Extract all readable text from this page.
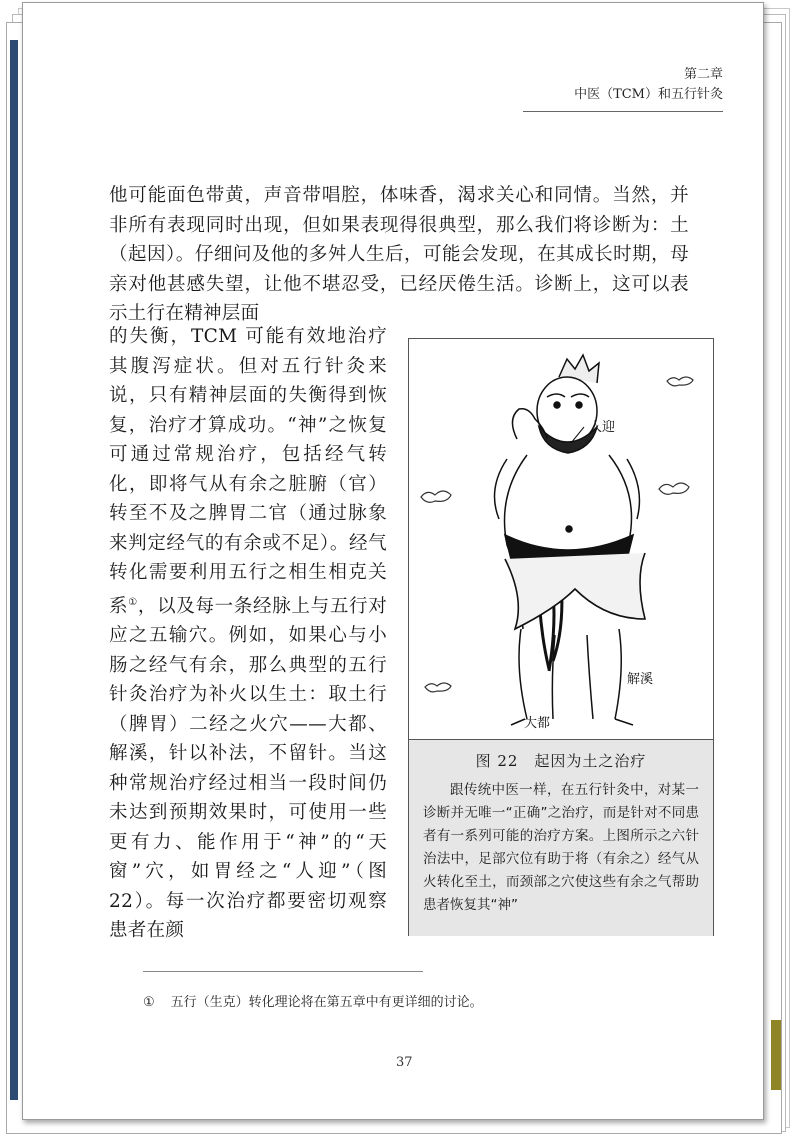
第二章
中医（TCM）和五行针灸

他可能面色带黄，声音带唱腔，体味香，渴求关心和同情。当然，并非所有表现同时出现，但如果表现得很典型，那么我们将诊断为：土（起因）。仔细问及他的多舛人生后，可能会发现，在其成长时期，母亲对他甚感失望，让他不堪忍受，已经厌倦生活。诊断上，这可以表示土行在精神层面

的失衡，TCM 可能有效地治疗其腹泻症状。但对五行针灸来说，只有精神层面的失衡得到恢复，治疗才算成功。“神”之恢复可通过常规治疗，包括经气转化，即将气从有余之脏腑（官）转至不及之脾胃二官（通过脉象来判定经气的有余或不足）。经气转化需要利用五行之相生相克关系①，以及每一条经脉上与五行对应之五输穴。例如，如果心与小肠之经气有余，那么典型的五行针灸治疗为补火以生土：取土行（脾胃）二经之火穴——大都、解溪，针以补法，不留针。当这种常规治疗经过相当一段时间仍未达到预期效果时，可使用一些更有力、能作用于“神”的“天窗”穴，如胃经之“人迎”（图 22）。每一次治疗都要密切观察患者在颜
人迎
解溪
大都
图 22　起因为土之治疗
跟传统中医一样，在五行针灸中，对某一诊断并无唯一“正确”之治疗，而是针对不同患者有一系列可能的治疗方案。上图所示之六针治法中，足部穴位有助于将（有余之）经气从火转化至土，而颈部之穴使这些有余之气帮助患者恢复其“神”
① 五行（生克）转化理论将在第五章中有更详细的讨论。
37
